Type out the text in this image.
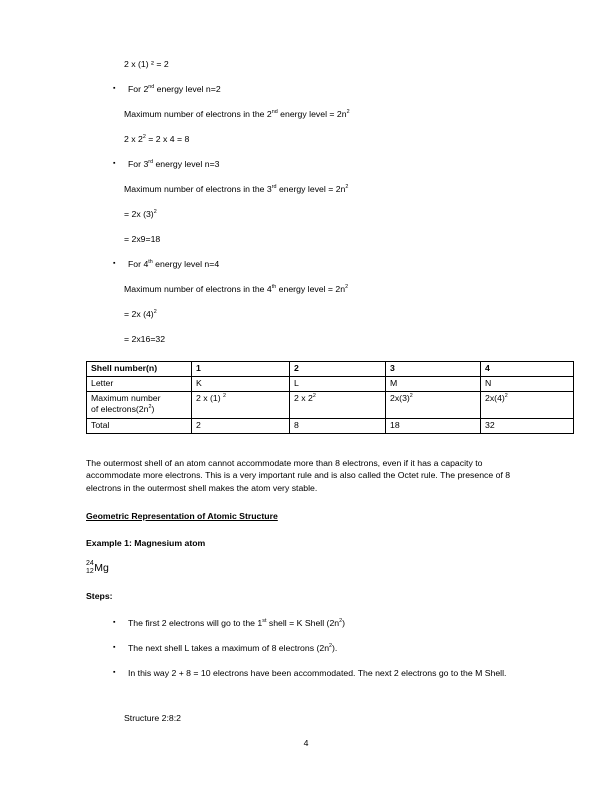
2 x (1) ² = 2
▪	For 2nd energy level n=2
Maximum number of electrons in the 2nd energy level = $2n^2$
2 x $2^2 = 2$ x 4 = 8
▪	For 3rd energy level n=3
Maximum number of electrons in the 3rd energy level = $2n^2$
= 2x $(3)^2$
= 2x9=18
▪	For 4th energy level n=4
Maximum number of electrons in the 4th energy level = $2n^2$
= 2x $(4)^2$
= 2x16=32
Shell number(n)	1	2	3	4
Letter	K	L	M	N
Maximum number
of $electrons(2n^2)$	2 x (1) $^2$	2 x $2^2$	$2x(3)^2$	$2x(4)^2$
Total	2	8	18	32

The outermost shell of an atom cannot accommodate more than 8 electrons, even if it has a capacity to accommodate more electrons. This is a very important rule and is also called the Octet rule. The presence of 8 electrons in the outermost shell makes the atom very stable.

Geometric Representation of Atomic Structure
Example 1: Magnesium atom
24
12 Mg
Steps:
▪	The first 2 electrons will go to the 1st shell = K Shell $(2n^2)$
▪	The next shell L takes a maximum of 8 electrons $(2n^2)$.
▪	In this way 2 + 8 = 10 electrons have been accommodated. The next 2 electrons go to the M Shell.
Structure 2:8:2
4
